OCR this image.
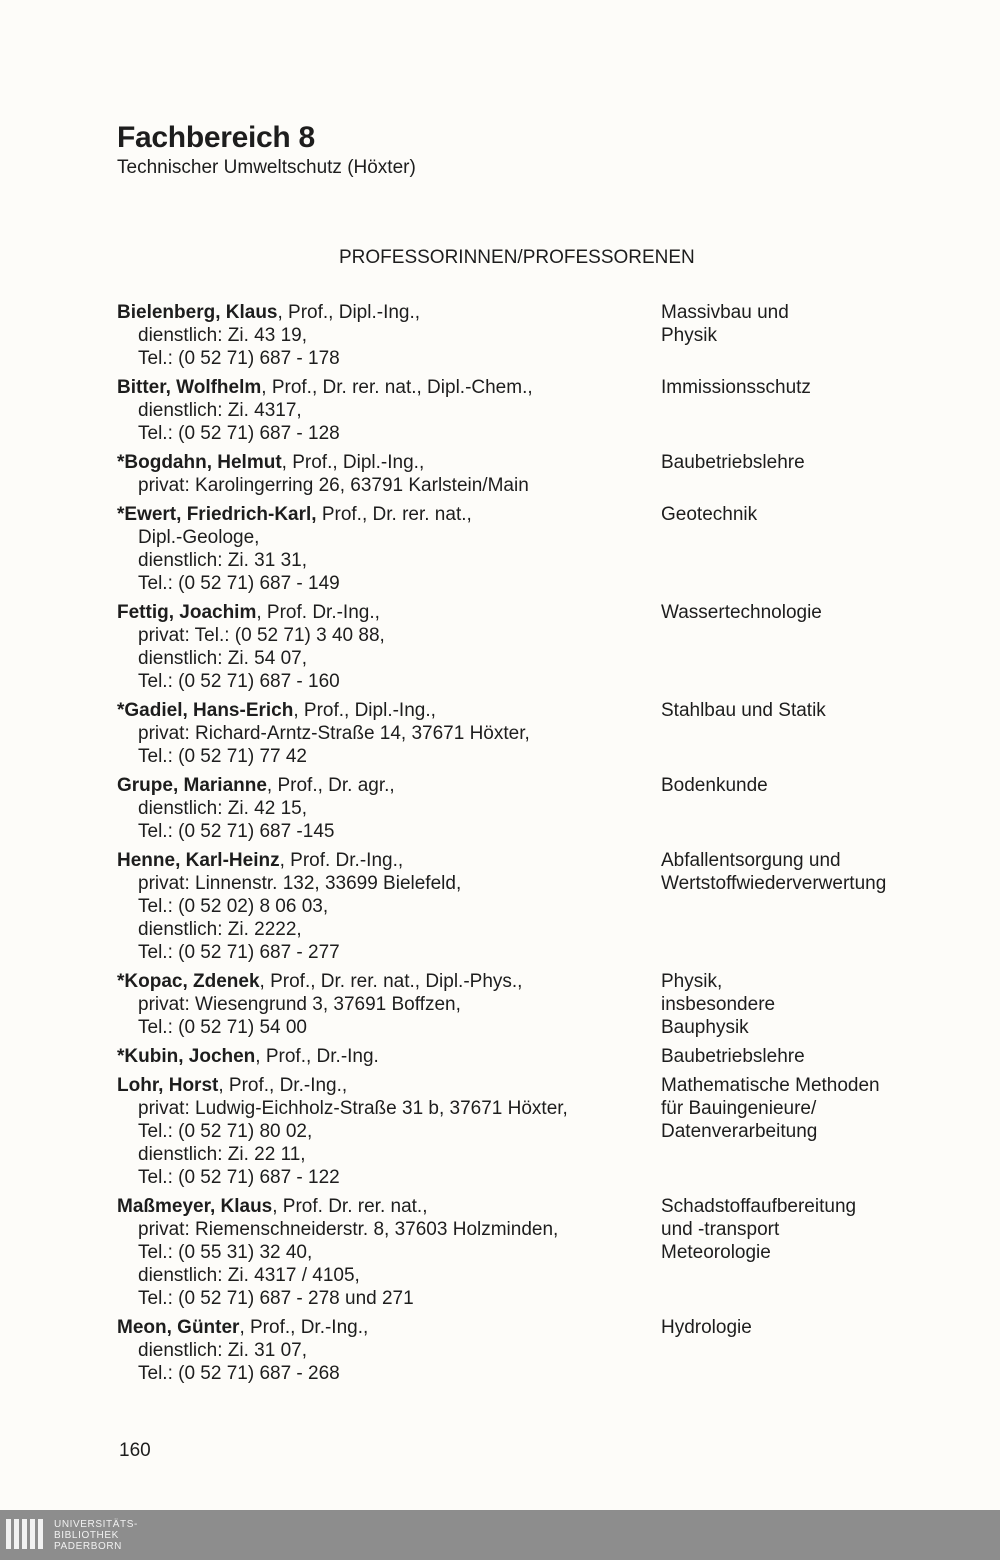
Fachbereich 8
Technischer Umweltschutz (Höxter)
PROFESSORINNEN/PROFESSORENEN
Bielenberg, Klaus, Prof., Dipl.-Ing.,
dienstlich: Zi. 43 19,
Tel.: (0 52 71) 687 - 178
Massivbau und
Physik
Bitter, Wolfhelm, Prof., Dr. rer. nat., Dipl.-Chem.,
dienstlich: Zi. 4317,
Tel.: (0 52 71) 687 - 128
Immissionsschutz
*Bogdahn, Helmut, Prof., Dipl.-Ing.,
privat: Karolingerring 26, 63791 Karlstein/Main
Baubetriebslehre
*Ewert, Friedrich-Karl, Prof., Dr. rer. nat.,
Dipl.-Geologe,
dienstlich: Zi. 31 31,
Tel.: (0 52 71) 687 - 149
Geotechnik
Fettig, Joachim, Prof. Dr.-Ing.,
privat: Tel.: (0 52 71) 3 40 88,
dienstlich: Zi. 54 07,
Tel.: (0 52 71) 687 - 160
Wassertechnologie
*Gadiel, Hans-Erich, Prof., Dipl.-Ing.,
privat: Richard-Arntz-Straße 14, 37671 Höxter,
Tel.: (0 52 71) 77 42
Stahlbau und Statik
Grupe, Marianne, Prof., Dr. agr.,
dienstlich: Zi. 42 15,
Tel.: (0 52 71) 687 -145
Bodenkunde
Henne, Karl-Heinz, Prof. Dr.-Ing.,
privat: Linnenstr. 132, 33699 Bielefeld,
Tel.: (0 52 02) 8 06 03,
dienstlich: Zi. 2222,
Tel.: (0 52 71) 687 - 277
Abfallentsorgung und
Wertstoffwiederverwertung
*Kopac, Zdenek, Prof., Dr. rer. nat., Dipl.-Phys.,
privat: Wiesengrund 3, 37691 Boffzen,
Tel.: (0 52 71) 54 00
Physik,
insbesondere
Bauphysik
*Kubin, Jochen, Prof., Dr.-Ing.	Baubetriebslehre
Lohr, Horst, Prof., Dr.-Ing.,
privat: Ludwig-Eichholz-Straße 31 b, 37671 Höxter,
Tel.: (0 52 71) 80 02,
dienstlich: Zi. 22 11,
Tel.: (0 52 71) 687 - 122
Mathematische Methoden
für Bauingenieure/
Datenverarbeitung
Maßmeyer, Klaus, Prof. Dr. rer. nat.,
privat: Riemenschneiderstr. 8, 37603 Holzminden,
Tel.: (0 55 31) 32 40,
dienstlich: Zi. 4317 / 4105,
Tel.: (0 52 71) 687 - 278 und 271
Schadstoffaufbereitung
und -transport
Meteorologie
Meon, Günter, Prof., Dr.-Ing.,
dienstlich: Zi. 31 07,
Tel.: (0 52 71) 687 - 268
Hydrologie
160
UNIVERSITÄTS-
BIBLIOTHEK
PADERBORN
